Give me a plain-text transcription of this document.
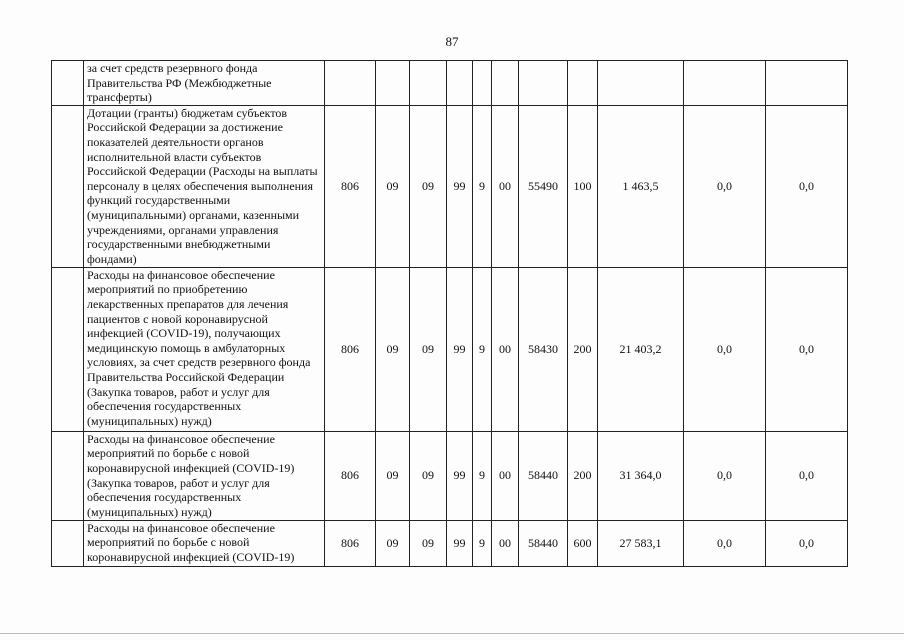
87
	за счет средств резервного фонда Правительства РФ (Межбюджетные трансферты)											
	Дотации (гранты) бюджетам субъектов Российской Федерации за достижение показателей деятельности органов исполнительной власти субъектов Российской Федерации (Расходы на выплаты персоналу в целях обеспечения выполнения функций государственными (муниципальными) органами, казенными учреждениями, органами управления государственными внебюджетными фондами)	806	09	09	99	9	00	55490	100	1 463,5	0,0	0,0
	Расходы на финансовое обеспечение мероприятий по приобретению лекарственных препаратов для лечения пациентов с новой коронавирусной инфекцией (COVID-19), получающих медицинскую помощь в амбулаторных условиях, за счет средств резервного фонда Правительства Российской Федерации (Закупка товаров, работ и услуг для обеспечения государственных (муниципальных) нужд)	806	09	09	99	9	00	58430	200	21 403,2	0,0	0,0
	Расходы на финансовое обеспечение мероприятий по борьбе с новой коронавирусной инфекцией (COVID-19) (Закупка товаров, работ и услуг для обеспечения государственных (муниципальных) нужд)	806	09	09	99	9	00	58440	200	31 364,0	0,0	0,0
	Расходы на финансовое обеспечение мероприятий по борьбе с новой коронавирусной инфекцией (COVID-19)	806	09	09	99	9	00	58440	600	27 583,1	0,0	0,0
